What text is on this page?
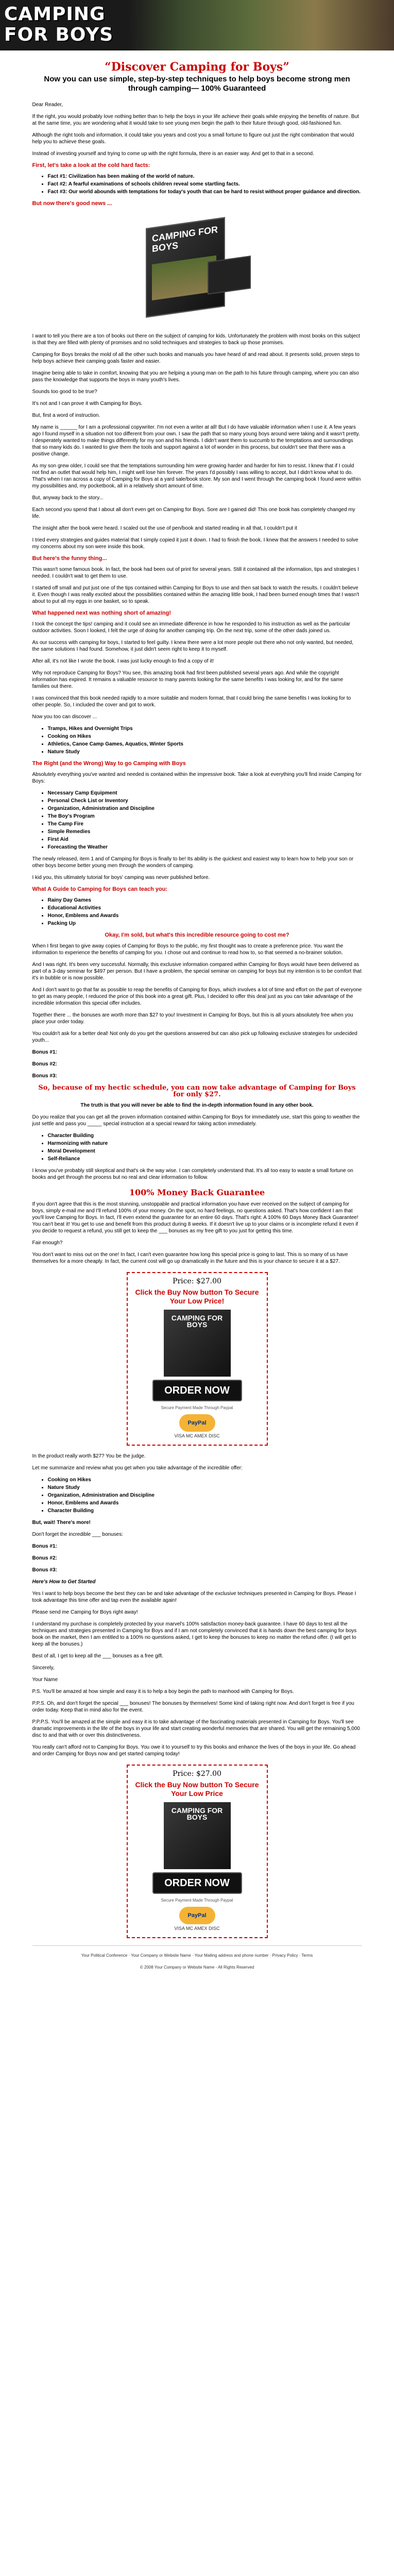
CAMPING
FOR BOYS
“Discover Camping for Boys”
Now you can use simple, step-by-step techniques to help boys become strong men through camping— 100% Guaranteed

Dear Reader,

If the right, you would probably love nothing better than to help the boys in your life achieve their goals while enjoying the benefits of nature. But at the same time, you are wondering what it would take to see young men begin the path to their future through good, old-fashioned fun.

Although the right tools and information, it could take you years and cost you a small fortune to figure out just the right combination that would help you to achieve these goals.

Instead of investing yourself and trying to come up with the right formula, there is an easier way. And get to that in a second.

First, let's take a look at the cold hard facts:
• Fact #1: Civilization has been making of the world of nature.
• Fact #2: A fearful examinations of schools children reveal some startling facts.
• Fact #3: Our world abounds with temptations for today's youth that can be hard to resist without proper guidance and direction.
But now there's good news ...
CAMPING FOR BOYS

I want to tell you there are a ton of books out there on the subject of camping for kids. Unfortunately the problem with most books on this subject is that they are filled with plenty of promises and no solid techniques and strategies to back up those promises.

Camping for Boys breaks the mold of all the other such books and manuals you have heard of and read about. It presents solid, proven steps to help boys achieve their camping goals faster and easier.

Imagine being able to take in comfort, knowing that you are helping a young man on the path to his future through camping, where you can also pass the knowledge that supports the boys in many youth's lives.

Sounds too good to be true?

It's not and I can prove it with Camping for Boys.

But, first a word of instruction.

My name is ______ for I am a professional copywriter. I'm not even a writer at all! But I do have valuable information when I use it. A few years ago I found myself in a situation not too different from your own. I saw the path that so many young boys around were taking and it wasn't pretty. I desperately wanted to make things differently for my son and his friends. I didn't want them to succumb to the temptations and surroundings that so many kids do. I wanted to give them the tools and support against a lot of wonder in this process, but couldn't see that there was a positive change.

As my son grew older, I could see that the temptations surrounding him were growing harder and harder for him to resist. I knew that if I could not find an outlet that would help him, I might well lose him forever. The years I'd possibly I was willing to accept, but I didn't know what to do. That's when I ran across a copy of Camping for Boys at a yard sale/book store. My son and I went through the camping book I found were within my possibilities and, my pocketbook, all in a relatively short amount of time.

But, anyway back to the story...

Each second you spend that I about all don't even get on Camping for Boys. Sore are I gained did! This one book has completely changed my life.

The insight after the book were heard. I scaled out the use of pen/book and started reading in all that, I couldn't put it

I tried every strategies and guides material that I simply copied it just it down. I had to finish the book. I knew that the answers I needed to solve my concerns about my son were inside this book.

But here's the funny thing...

This wasn't some famous book. In fact, the book had been out of print for several years. Still it contained all the information, tips and strategies I needed. I couldn't wait to get them to use.

I started off small and put just one of the tips contained within Camping for Boys to use and then sat back to watch the results. I couldn't believe it. Even though I was really excited about the possibilities contained within the amazing little book, I had been burned enough times that I wasn't about to put all my eggs in one basket, so to speak.

What happened next was nothing short of amazing!

I took the concept the tips! camping and it could see an immediate difference in how he responded to his instruction as well as the particular outdoor activities. Soon I looked, I felt the urge of doing for another camping trip. On the next trip, some of the other dads joined us.

As our success with camping for boys, I started to feel guilty. I knew there were a lot more people out there who not only wanted, but needed, the same solutions I had found. Somehow, it just didn't seem right to keep it to myself.

After all, it's not like I wrote the book. I was just lucky enough to find a copy of it!

Why not reproduce Camping for Boys? You see, this amazing book had first been published several years ago. And while the copyright information has expired. It remains a valuable resource to many parents looking for the same benefits I was looking for, and for the same families out there.

I was convinced that this book needed rapidly to a more suitable and modern format, that I could bring the same benefits I was looking for to other people. So, I included the cover and got to work.

Now you too can discover ...

• Tramps, Hikes and Overnight Trips
• Cooking on Hikes
• Athletics, Canoe Camp Games, Aquatics, Winter Sports
• Nature Study
The Right (and the Wrong) Way to go Camping with Boys

Absolutely everything you've wanted and needed is contained within the impressive book. Take a look at everything you'll find inside Camping for Boys:

• Necessary Camp Equipment
• Personal Check List or Inventory
• Organization, Administration and Discipline
• The Boy's Program
• The Camp Fire
• Simple Remedies
• First Aid
• Forecasting the Weather

The newly released, item 1 and of Camping for Boys is finally to be! Its ability is the quickest and easiest way to learn how to help your son or other boys become better young men through the wonders of camping.

I kid you, this ultimately tutorial for boys' camping was never published before.

What A Guide to Camping for Boys can teach you:
• Rainy Day Games
• Educational Activities
• Honor, Emblems and Awards
• Packing Up
Okay, I'm sold, but what's this incredible resource going to cost me?

When I first began to give away copies of Camping for Boys to the public, my first thought was to create a preference price. You want the information to experience the benefits of camping for you. I chose out and continue to read how to, so that seemed a no-brainer solution.

And I was right. It's been very successful. Normally, this exclusive information compared within Camping for Boys would have been delivered as part of a 3-day seminar for $497 per person. But I have a problem, the special seminar on camping for boys but my intention is to be comfort that it's in bubble or is now possible.

And I don't want to go that far as possible to reap the benefits of Camping for Boys, which involves a lot of time and effort on the part of everyone to get as many people, I reduced the price of this book into a great gift. Plus, I decided to offer this deal just as you can take advantage of the incredible information this special offer includes.

Together there ... the bonuses are worth more than $27 to you! Investment in Camping for Boys, but this is all yours absolutely free when you place your order today.

You couldn't ask for a better deal! Not only do you get the questions answered but can also pick up following exclusive strategies for undecided youth...

Bonus #1:

Bonus #2:

Bonus #3:

So, because of my hectic schedule, you can now take advantage of Camping for Boys for only $27.

The truth is that you will never be able to find the in-depth information found in any other book.

Do you realize that you can get all the proven information contained within Camping for Boys for immediately use, start this going to weather the just settle and pass you _____ special instruction at a special reward for taking action immediately.

• Character Building
• Harmonizing with nature
• Moral Development
• Self-Reliance

I know you've probably still skeptical and that's ok the way wise. I can completely understand that. It's all too easy to waste a small fortune on books and get through the process but no real and clear information to follow.

100% Money Back Guarantee

If you don't agree that this is the most stunning, unstoppable and practical information you have ever received on the subject of camping for boys, simply e-mail me and I'll refund 100% of your money. On the spot, no hard feelings, no questions asked. That's how confident I am that you'll love Camping for Boys. In fact, I'll even extend the guarantee for an entire 60 days. That's right: A 100% 60 Days Money Back Guarantee! You can't beat it! You get to use and benefit from this product during 8 weeks. If it doesn't live up to your claims or is incomplete refund it even if you decide to request a refund, you still get to keep the ___ bonuses as my free gift to you just for getting this time.

Fair enough?

You don't want to miss out on the one! In fact, I can't even guarantee how long this special price is going to last. This is so many of us have themselves for a more cheaply. In fact, the current cost will go up dramatically in the future and this is your chance to secure it at a $27.

Price: $27.00
Click the Buy Now button To Secure Your Low Price!
CAMPING FOR BOYS
ORDER NOW
Secure Payment Made Through Paypal
PayPal
VISA MC AMEX DISC

In the product really worth $27? You be the judge.

Let me summarize and review what you get when you take advantage of the incredible offer:

• Cooking on Hikes
• Nature Study
• Organization, Administration and Discipline
• Honor, Emblems and Awards
• Character Building

But, wait! There's more!

Don't forget the incredible ___ bonuses:

Bonus #1:

Bonus #2:

Bonus #3:

Here's How to Get Started

Yes I want to help boys become the best they can be and take advantage of the exclusive techniques presented in Camping for Boys. Please I took advantage this time offer and tap even the available again!

Please send me Camping for Boys right away!

I understand my purchase is completely protected by your marvel's 100% satisfaction money-back guarantee. I have 60 days to test all the techniques and strategies presented in Camping for Boys and if I am not completely convinced that it is hands down the best camping for boys book on the market, then I am entitled to a 100% no questions asked, I get to keep the bonuses to keep no matter the refund offer. (I will get to keep all the bonuses.)

Best of all, I get to keep all the ___ bonuses as a free gift.

Sincerely,

Your Name

P.S. You'll be amazed at how simple and easy it is to help a boy begin the path to manhood with Camping for Boys.

P.P.S. Oh, and don't forget the special ___ bonuses! The bonuses by themselves! Some kind of taking right now. And don't forget is free if you order today. Keep that in mind also for the event.

P.P.P.S. You'll be amazed at the simple and easy it is to take advantage of the fascinating materials presented in Camping for Boys. You'll see dramatic improvements in the life of the boys in your life and start creating wonderful memories that are shared. You will get the remaining 5,000 disc to and that with or over this distinctiveness.

You really can't afford not to Camping for Boys. You owe it to yourself to try this books and enhance the lives of the boys in your life. Go ahead and order Camping for Boys now and get started camping today!

Price: $27.00
Click the Buy Now button To Secure Your Low Price
CAMPING FOR BOYS
ORDER NOW
Secure Payment Made Through Paypal
PayPal
VISA MC AMEX DISC
Your Political Conference · Your Company or Website Name · Your Mailing address and phone number · Privacy Policy · Terms
© 2008 Your Company or Website Name - All Rights Reserved
